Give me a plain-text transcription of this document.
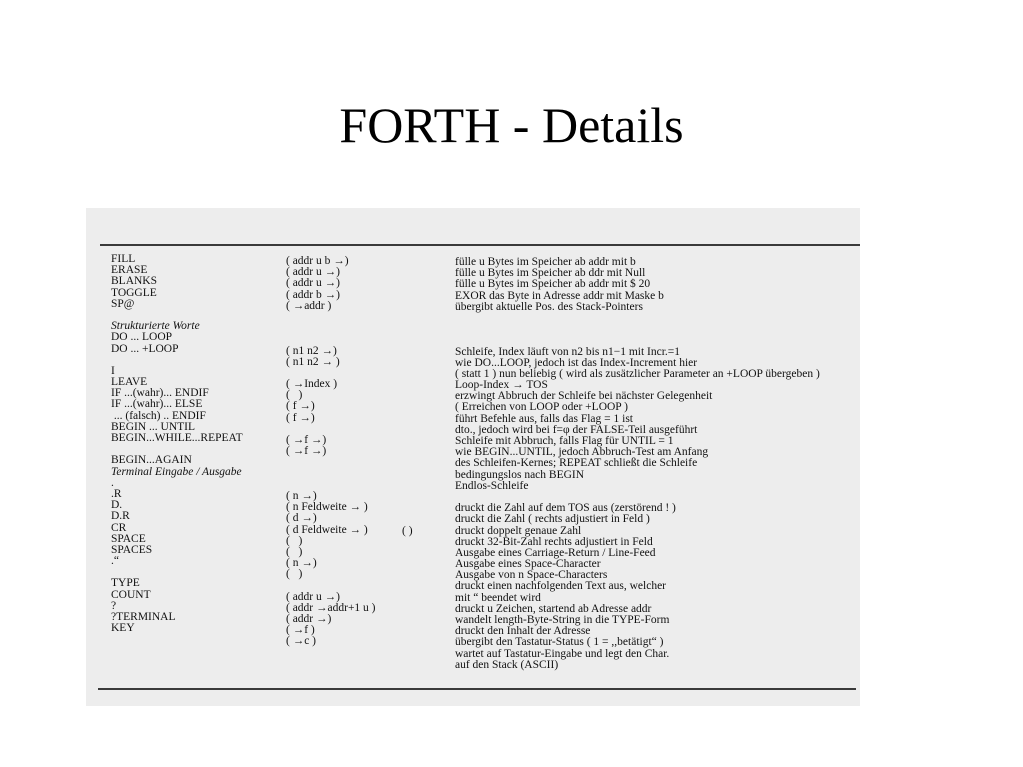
FORTH - Details
FILL
ERASE
BLANKS
TOGGLE
SP@
Strukturierte Worte
DO ... LOOP
DO ... +LOOP
I
LEAVE
IF ...(wahr)... ENDIF
IF ...(wahr)... ELSE
... (falsch) .. ENDIF
BEGIN ... UNTIL
BEGIN...WHILE...REPEAT
BEGIN...AGAIN
Terminal Eingabe / Ausgabe
.
.R
D.
D.R
CR
SPACE
SPACES
.“
TYPE
COUNT
?
?TERMINAL
KEY
( addr u b →)
( addr u →)
( addr u →)
( addr b →)
( →addr )
( n1 n2 →)
( n1 n2 → )
( →Index )
(   )
( f →)
( f →)
( →f →)
( →f →)
( n →)
( n Feldweite → )
( d →)
( d Feldweite → )
(   )
(   )
( n →)
(   )
( addr u →)
( addr →addr+1 u )
( addr →)
( →f )
( →c )
fülle u Bytes im Speicher ab addr mit b
fülle u Bytes im Speicher ab ddr mit Null
fülle u Bytes im Speicher ab addr mit $ 20
EXOR das Byte in Adresse addr mit Maske b
übergibt aktuelle Pos. des Stack-Pointers
Schleife, Index läuft von n2 bis n1−1 mit Incr.=1
wie DO...LOOP, jedoch ist das Index-Increment hier
( statt 1 ) nun beliebig ( wird als zusätzlicher Parameter an +LOOP übergeben )
Loop-Index → TOS
erzwingt Abbruch der Schleife bei nächster Gelegenheit
( Erreichen von LOOP oder +LOOP )
führt Befehle aus, falls das Flag = 1 ist
dto., jedoch wird bei f=φ der FALSE-Teil ausgeführt
Schleife mit Abbruch, falls Flag für UNTIL = 1
wie BEGIN...UNTIL, jedoch Abbruch-Test am Anfang
des Schleifen-Kernes; REPEAT schließt die Schleife
bedingungslos nach BEGIN
Endlos-Schleife
druckt die Zahl auf dem TOS aus (zerstörend ! )
druckt die Zahl ( rechts adjustiert in Feld )
druckt doppelt genaue Zahl
druckt 32-Bit-Zahl rechts adjustiert in Feld
Ausgabe eines Carriage-Return / Line-Feed
Ausgabe eines Space-Character
Ausgabe von n Space-Characters
druckt einen nachfolgenden Text aus, welcher
mit “ beendet wird
druckt u Zeichen, startend ab Adresse addr
wandelt length-Byte-String in die TYPE-Form
druckt den Inhalt der Adresse
übergibt den Tastatur-Status ( 1 = ,,betätigt“ )
wartet auf Tastatur-Eingabe und legt den Char.
auf den Stack (ASCII)
( )
